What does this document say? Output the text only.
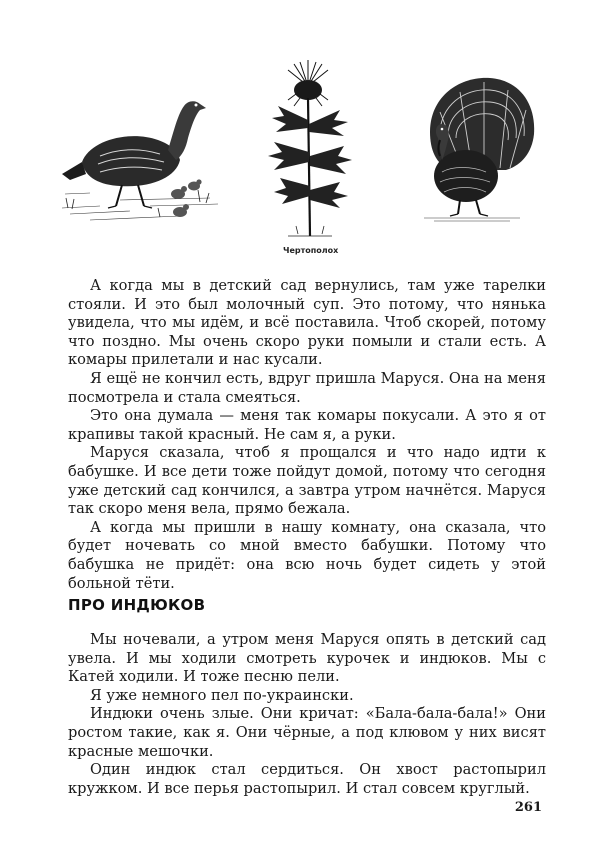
Чертополох

А когда мы в детский сад вернулись, там уже тарелки стояли. И это был молочный суп. Это потому, что нянька увидела, что мы идём, и всё поставила. Чтоб скорей, потому что поздно. Мы очень скоро руки помыли и стали есть. А комары прилетали и нас кусали.

Я ещё не кончил есть, вдруг пришла Маруся. Она на меня посмотрела и стала смеяться.

Это она думала — меня так комары покусали. А это я от крапивы такой красный. Не сам я, а руки.

Маруся сказала, чтоб я прощался и что надо идти к бабушке. И все дети тоже пойдут домой, потому что сегодня уже детский сад кончился, а завтра утром начнётся. Маруся так скоро меня вела, прямо бежала.

А когда мы пришли в нашу комнату, она сказала, что будет ночевать со мной вместо бабушки. Потому что бабушка не придёт: она всю ночь будет сидеть у этой больной тёти.

ПРО ИНДЮКОВ

Мы ночевали, а утром меня Маруся опять в детский сад увела. И мы ходили смотреть курочек и индюков. Мы с Катей ходили. И тоже песню пели.

Я уже немного пел по-украински.

Индюки очень злые. Они кричат: «Бала-бала-бала!» Они ростом такие, как я. Они чёрные, а под клювом у них висят красные мешочки.

Один индюк стал сердиться. Он хвост растопырил кружком. И все перья растопырил. И стал совсем круглый.

261
